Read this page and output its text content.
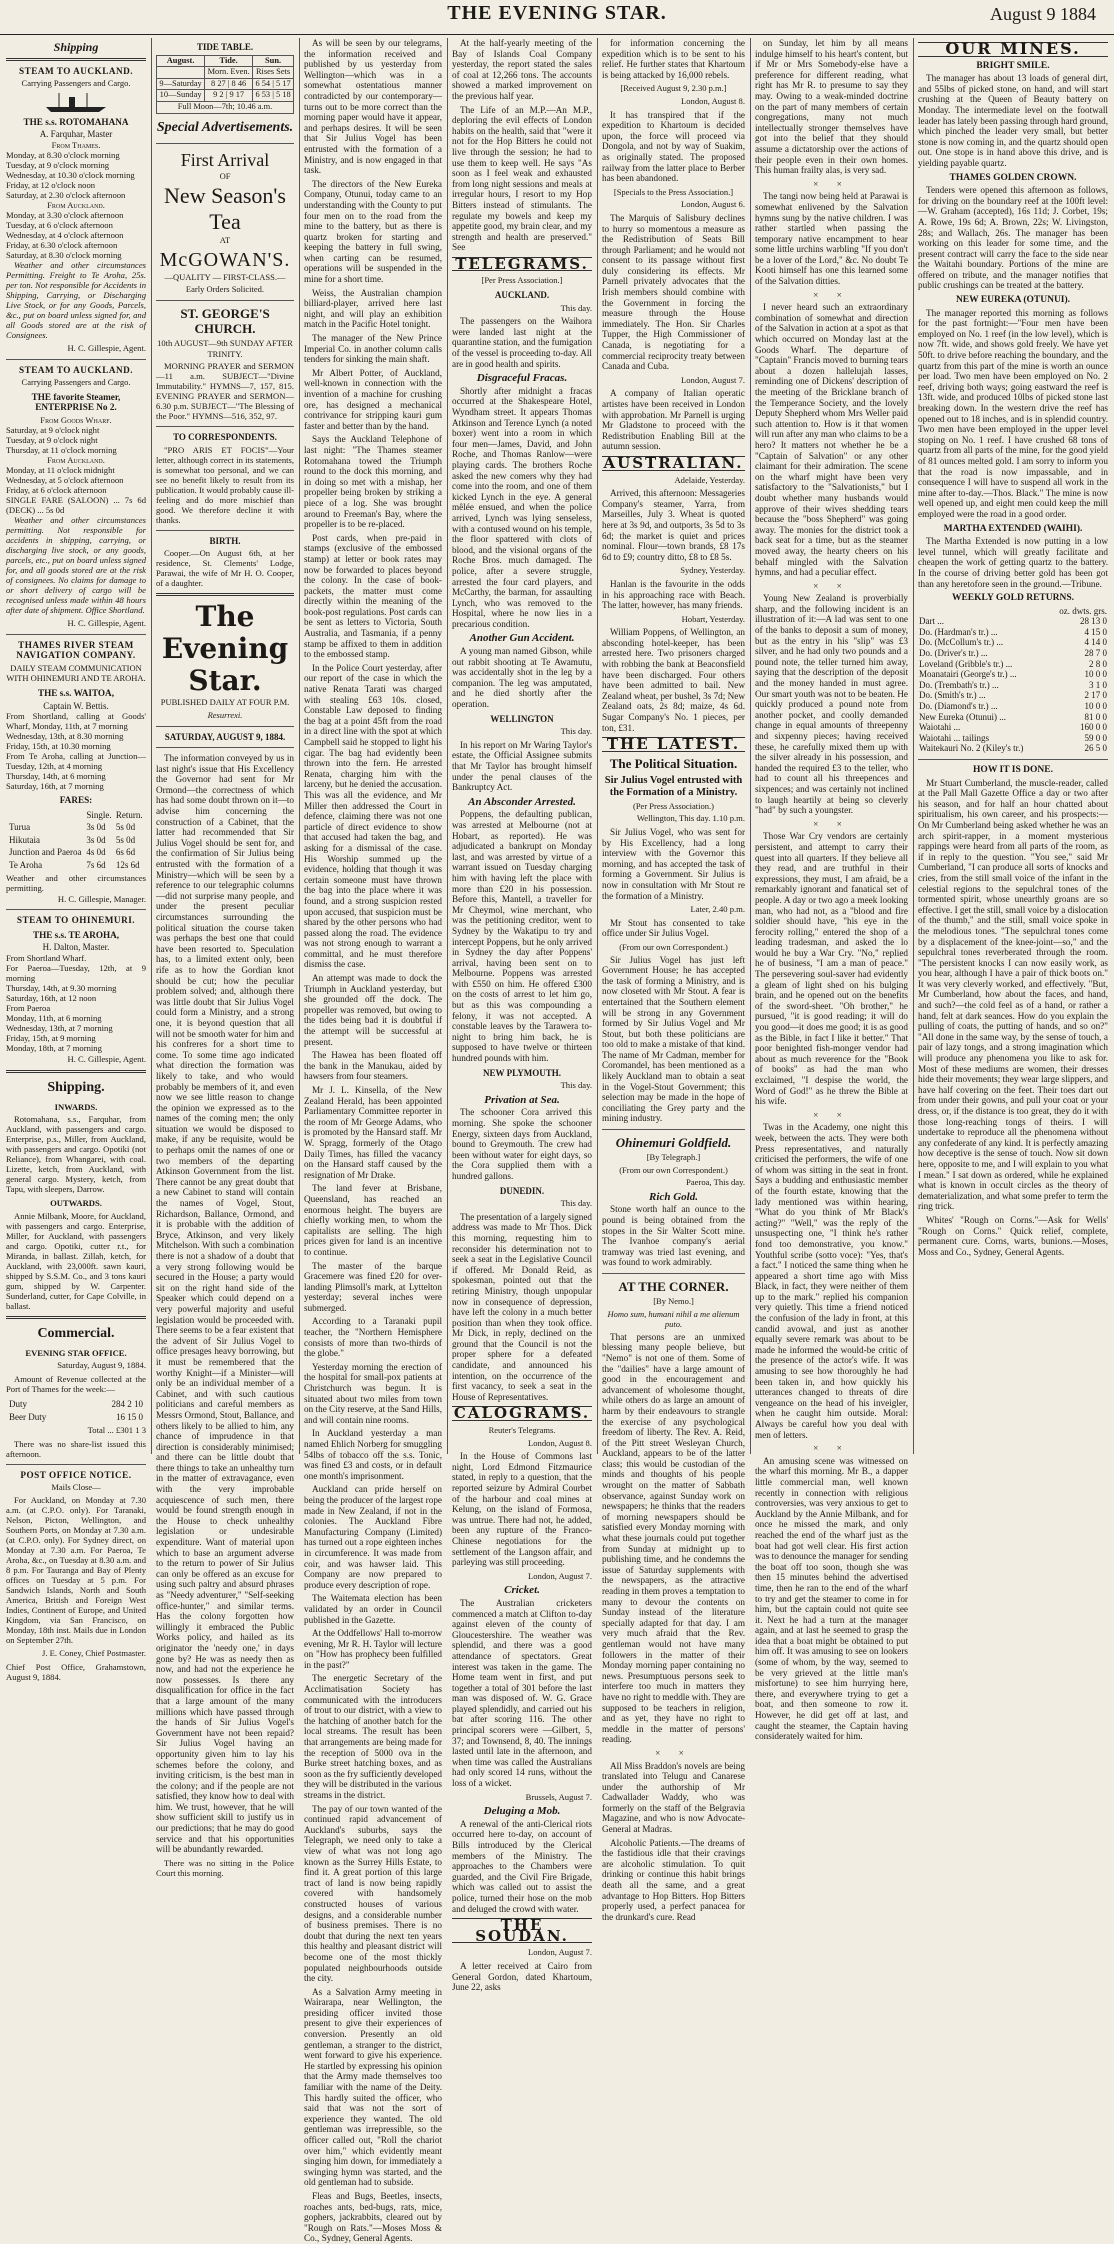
THE EVENING STAR.	August 9 1884
Shipping
STEAM TO AUCKLAND.
Carrying Passengers and Cargo.
THE s.s. ROTOMAHANA
A. Farquhar, Master
From Thames.
Monday, at 8.30 o'clock morning
Tuesday, at 9 o'clock morning
Wednesday, at 10.30 o'clock morning
Friday, at 12 o'clock noon
Saturday, at 2.30 o'clock afternoon
From Auckland.
Monday, at 3.30 o'clock afternoon
Tuesday, at 6 o'clock afternoon
Wednesday, at 4 o'clock afternoon
Friday, at 6.30 o'clock afternoon
Saturday, at 8.30 o'clock morning

Weather and other circumstances Permitting. Freight to Te Aroha, 25s. per ton. Not responsible for Accidents in Shipping, Carrying, or Discharging Live Stock, or for any Goods, Parcels, &c., put on board unless signed for, and all Goods stored are at the risk of Consignees.

H. C. Gillespie, Agent.
STEAM TO AUCKLAND.
Carrying Passengers and Cargo.
THE favorite Steamer, ENTERPRISE No 2.
From Goods Wharf.
Saturday, at 9 o'clock night
Tuesday, at 9 o'clock night
Thursday, at 11 o'clock morning
From Auckland.
Monday, at 11 o'clock midnight
Wednesday, at 5 o'clock afternoon
Friday, at 6 o'clock afternoon
SINGLE FARE (SALOON) ... 7s 6d (DECK) ... 5s 0d

Weather and other circumstances permitting. Not responsible for accidents in shipping, carrying, or discharging live stock, or any goods, parcels, etc., put on board unless signed for, and all goods stored are at the risk of consignees. No claims for damage to or short delivery of cargo will be recognised unless made within 48 hours after date of shipment. Office Shortland.

H. C. Gillespie, Agent.
THAMES RIVER STEAM NAVIGATION COMPANY.
DAILY STEAM COMMUNICATION WITH OHINEMURI AND TE AROHA.
THE s.s. WAITOA,
Captain W. Bettis.
From Shortland, calling at Goods' Wharf, Monday, 11th, at 7 morning
Wednesday, 13th, at 8.30 morning
Friday, 15th, at 10.30 morning
From Te Aroha, calling at Junction—Tuesday, 12th, at 4 morning
Thursday, 14th, at 6 morning
Saturday, 16th, at 7 morning
FARES:
	Single.	Return.
Turua	3s 0d	5s 0d
Hikutaia	3s 0d	5s 0d
Junction and Paeroa	4s 0d	6s 6d
Te Aroha	7s 6d	12s 6d
Weather and other circumstances permitting.
H. C. Gillespie, Manager.
STEAM TO OHINEMURI.
THE s.s. TE AROHA,
H. Dalton, Master.
From Shortland Wharf.
For Paeroa—Tuesday, 12th, at 9 morning
Thursday, 14th, at 9.30 morning
Saturday, 16th, at 12 noon
From Paeroa
Monday, 11th, at 6 morning
Wednesday, 13th, at 7 morning
Friday, 15th, at 9 morning
Monday, 18th, at 7 morning
H. C. Gillespie, Agent.
Shipping.
INWARDS.

Rotomahana, s.s., Farquhar, from Auckland, with passengers and cargo. Enterprise, p.s., Miller, from Auckland, with passengers and cargo. Opotiki (not Reliance), from Whangarei, with coal. Lizette, ketch, from Auckland, with general cargo. Mystery, ketch, from Tapu, with sleepers, Darrow.

OUTWARDS.

Annie Milbank, Moore, for Auckland, with passengers and cargo. Enterprise, Miller, for Auckland, with passengers and cargo. Opotiki, cutter r.t., for Miranda, in ballast. Zillah, ketch, for Auckland, with 23,000ft. sawn kauri, shipped by S.S.M. Co., and 3 tons kauri gum, shipped by W. Carpenter. Sunderland, cutter, for Cape Colville, in ballast.

Commercial.
EVENING STAR OFFICE.
Saturday, August 9, 1884.

Amount of Revenue collected at the Port of Thames for the week:—

Duty	284 2 10
Beer Duty	16 15 0
Total ... £301 1 3

There was no share-list issued this afternoon.

POST OFFICE NOTICE.
Mails Close—

For Auckland, on Monday at 7.30 a.m. (at C.P.O. only). For Taranaki, Nelson, Picton, Wellington, and Southern Ports, on Monday at 7.30 a.m. (at C.P.O. only). For Sydney direct, on Monday at 7.30 a.m. For Paeroa, Te Aroha, &c., on Tuesday at 8.30 a.m. and 8 p.m. For Tauranga and Bay of Plenty offices on Tuesday at 5 p.m. For Sandwich Islands, North and South America, British and Foreign West Indies, Continent of Europe, and United Kingdom, via San Francisco, on Monday, 18th inst. Mails due in London on September 27th.

J. E. Coney, Chief Postmaster.
Chief Post Office, Grahamstown, August 9, 1884.
TIDE TABLE.
August.	Tide.	Sun.
	Morn. Even.	Rises Sets
9—Saturday	8 27 | 8 46	6 54 | 5 17
10—Sunday	9 2 | 9 17	6 53 | 5 18
Full Moon—7th; 10.46 a.m.		
Special Advertisements.
First Arrival
OF
New Season's Tea
AT
McGOWAN'S.
—QUALITY — FIRST-CLASS.—
Early Orders Solicited.
ST. GEORGE'S CHURCH.
10th AUGUST—9th SUNDAY AFTER TRINITY.

MORNING PRAYER and SERMON—11 a.m. SUBJECT—"Divine Immutability." HYMNS—7, 157, 815. EVENING PRAYER and SERMON—6.30 p.m. SUBJECT—"The Blessing of the Poor." HYMNS—516, 352, 97.

TO CORRESPONDENTS.

"PRO ARIS ET FOCIS"—Your letter, although correct in its statements, is somewhat too personal, and we can see no benefit likely to result from its publication. It would probably cause ill-feeling and do more mischief than good. We therefore decline it with thanks.

BIRTH.

Cooper.—On August 6th, at her residence, St. Clements' Lodge, Parawai, the wife of Mr H. O. Cooper, of a daughter.

The Evening Star.
PUBLISHED DAILY AT FOUR P.M.
Resurrexi.
SATURDAY, AUGUST 9, 1884.

The information conveyed by us in last night's issue that His Excellency the Governor had sent for Mr Ormond—the correctness of which has had some doubt thrown on it—to advise him concerning the construction of a Cabinet, that the latter had recommended that Sir Julius Vogel should be sent for, and the confirmation of Sir Julius being entrusted with the formation of a Ministry—which will be seen by a reference to our telegraphic columns—did not surprise many people, and under the present peculiar circumstances surrounding the political situation the course taken was perhaps the best one that could have been resorted to. Speculation has, to a limited extent only, been rife as to how the Gordian knot should be cut; how the peculiar problem solved; and, although there was little doubt that Sir Julius Vogel could form a Ministry, and a strong one, it is beyond question that all will not be smooth water for him and his confreres for a short time to come. To some time ago indicated what direction the formation was likely to take, and who would probably be members of it, and even now we see little reason to change the opinion we expressed as to the names of the coming men; the only situation we would be disposed to make, if any be requisite, would be to perhaps omit the names of one or two members of the departing Atkinson Government from the list. There cannot be any great doubt that a new Cabinet to stand will contain the names of Vogel, Stout, Richardson, Ballance, Ormond, and it is probable with the addition of Bryce, Atkinson, and very likely Mitchelson. With such a combination there is not a shadow of a doubt that a very strong following would be secured in the House; a party would sit on the right hand side of the Speaker which could depend on a very powerful majority and useful legislation would be proceeded with. There seems to be a fear existent that the advent of Sir Julius Vogel to office presages heavy borrowing, but it must be remembered that the worthy Knight—if a Minister—will only be an individual member of a Cabinet, and with such cautious politicians and careful members as Messrs Ormond, Stout, Ballance, and others likely to be allied to him, any chance of imprudence in that direction is considerably minimised; and there can be little doubt that there things to take an unhealthy turn in the matter of extravagance, even with the very improbable acquiescence of such men, there would be found strength enough in the House to check unhealthy legislation or undesirable expenditure. Want of material upon which to base an argument adverse to the return to power of Sir Julius can only be offered as an excuse for using such paltry and absurd phrases as "Needy adventurer," "Self-seeking office-hunter," and similar terms. Has the colony forgotten how willingly it embraced the Public Works policy, and hailed as its originator the 'needy one,' in days gone by? He was as needy then as now, and had not the experience he now possesses. Is there any disqualification for office in the fact that a large amount of the many millions which have passed through the hands of Sir Julius Vogel's Government have not been repaid? Sir Julius Vogel having an opportunity given him to lay his schemes before the colony, and inviting criticism, is the best man in the colony; and if the people are not satisfied, they know how to deal with him. We trust, however, that he will show sufficient skill to justify us in our predictions; that he may do good service and that his opportunities will be abundantly rewarded.

There was no sitting in the Police Court this morning.

As will be seen by our telegrams, the information received and published by us yesterday from Wellington—which was in a somewhat ostentatious manner contradicted by our contemporary—turns out to be more correct than the morning paper would have it appear, and perhaps desires. It will be seen that Sir Julius Vogel has been entrusted with the formation of a Ministry, and is now engaged in that task.

The directors of the New Eureka Company, Otunui, today came to an understanding with the County to put four men on to the road from the mine to the battery, but as there is quartz broken for starting and keeping the battery in full swing, when carting can be resumed, operations will be suspended in the mine for a short time.

Weiss, the Australian champion billiard-player, arrived here last night, and will play an exhibition match in the Pacific Hotel tonight.

The manager of the New Prince Imperial Co. in another column calls tenders for sinking the main shaft.

Mr Albert Potter, of Auckland, well-known in connection with the invention of a machine for crushing ore, has designed a mechanical contrivance for stripping kauri gum faster and better than by the hand.

Says the Auckland Telephone of last night: "The Thames steamer Rotomahana towed the Triumph round to the dock this morning, and in doing so met with a mishap, her propeller being broken by striking a piece of a log. She was brought around to Freeman's Bay, where the propeller is to be re-placed.

Post cards, when pre-paid in stamps (exclusive of the embossed stamp) at letter or book rates may now be forwarded to places beyond the colony. In the case of book-packets, the matter must come directly within the meaning of the book-post regulations. Post cards can be sent as letters to Victoria, South Australia, and Tasmania, if a penny stamp be affixed to them in addition to the embossed stamp.

In the Police Court yesterday, after our report of the case in which the native Renata Tarati was charged with stealing £63 10s. closed, Constable Law deposed to finding the bag at a point 45ft from the road in a direct line with the spot at which Campbell said he stopped to light his cigar. The bag had evidently been thrown into the fern. He arrested Renata, charging him with the larceny, but he denied the accusation. This was all the evidence, and Mr Miller then addressed the Court in defence, claiming there was not one particle of direct evidence to show that accused had taken the bag, and asking for a dismissal of the case. His Worship summed up the evidence, holding that though it was certain someone must have thrown the bag into the place where it was found, and a strong suspicion rested upon accused, that suspicion must be shared by the other persons who had passed along the road. The evidence was not strong enough to warrant a committal, and he must therefore dismiss the case.

An attempt was made to dock the Triumph in Auckland yesterday, but she grounded off the dock. The propeller was removed, but owing to the tides being bad it is doubtful if the attempt will be successful at present.

The Hawea has been floated off the bank in the Manukau, aided by hawsers from four steamers.

Mr J. L. Kinsella, of the New Zealand Herald, has been appointed Parliamentary Committee reporter in the room of Mr George Adams, who is promoted by the Hansard staff. Mr W. Spragg, formerly of the Otago Daily Times, has filled the vacancy on the Hansard staff caused by the resignation of Mr Drake.

The land fever at Brisbane, Queensland, has reached an enormous height. The buyers are chiefly working men, to whom the capitalists are selling. The high prices given for land is an incentive to continue.

The master of the barque Gracemere was fined £20 for over-landing Plimsoll's mark, at Lyttelton yesterday; several inches were submerged.

According to a Taranaki pupil teacher, the "Northern Hemisphere consists of more than two-thirds of the globe."

Yesterday morning the erection of the hospital for small-pox patients at Christchurch was begun. It is situated about two miles from town on the City reserve, at the Sand Hills, and will contain nine rooms.

In Auckland yesterday a man named Ehlich Norberg for smuggling 54lbs of tobacco off the s.s. Tonic, was fined £3 and costs, or in default one month's imprisonment.

Auckland can pride herself on being the producer of the largest rope made in New Zealand, if not in the colonies. The Auckland Fibre Manufacturing Company (Limited) has turned out a rope eighteen inches in circumference. It was made from coir, and was hawser laid. This Company are now prepared to produce every description of rope.

The Waitemata election has been validated by an order in Council published in the Gazette.

At the Oddfellows' Hall to-morrow evening, Mr R. H. Taylor will lecture on "How has prophecy been fulfilled in the past?"

The energetic Secretary of the Acclimatisation Society has communicated with the introducers of trout to our district, with a view to the hatching of another batch for the local streams. The result has been that arrangements are being made for the reception of 5000 ova in the Burke street hatching boxes, and as soon as the fry sufficiently developed they will be distributed in the various streams in the district.

The pay of our town wanted of the continued rapid advancement of Auckland's suburbs, says the Telegraph, we need only to take a view of what was not long ago known as the Surrey Hills Estate, to find it. A great portion of this large tract of land is now being rapidly covered with handsomely constructed houses of various designs, and a considerable number of business premises. There is no doubt that during the next ten years this healthy and pleasant district will become one of the most thickly populated neighbourhoods outside the city.

As a Salvation Army meeting in Wairarapa, near Wellington, the presiding officer invited those present to give their experiences of conversion. Presently an old gentleman, a stranger to the district, went forward to give his experience. He startled by expressing his opinion that the Army made themselves too familiar with the name of the Deity. This hardly suited the officer, who said that was not the sort of experience they wanted. The old gentleman was irrepressible, so the officer called out, "Roll the chariot over him," which evidently meant singing him down, for immediately a swinging hymn was started, and the old gentleman had to subside.

Fleas and Bugs, Beetles, insects, roaches ants, bed-bugs, rats, mice, gophers, jackrabbits, cleared out by "Rough on Rats."—Moses Moss & Co., Sydney, General Agents.

At the half-yearly meeting of the Bay of Islands Coal Company yesterday, the report stated the sales of coal at 12,266 tons. The accounts showed a marked improvement on the previous half year.

The Life of an M.P.—An M.P., deploring the evil effects of London habits on the health, said that "were it not for the Hop Bitters he could not live through the session; he had to use them to keep well. He says "As soon as I feel weak and exhausted from long night sessions and meals at irregular hours, I resort to my Hop Bitters instead of stimulants. The regulate my bowels and keep my appetite good, my brain clear, and my strength and health are preserved." See

TELEGRAMS.
[Per Press Association.]
AUCKLAND.
This day.

The passengers on the Waihora were landed last night at the quarantine station, and the fumigation of the vessel is proceeding to-day. All are in good health and spirits.

Disgraceful Fracas.

Shortly after midnight a fracas occurred at the Shakespeare Hotel, Wyndham street. It appears Thomas Atkinson and Terence Lynch (a noted boxer) went into a room in which four men—James, David, and John Roche, and Thomas Ranlow—were playing cards. The brothers Roche asked the new comers why they had come into the room, and one of them kicked Lynch in the eye. A general mêlée ensued, and when the police arrived, Lynch was lying senseless, with a contused wound on his temple, the floor spattered with clots of blood, and the visional organs of the Roche Bros. much damaged. The police, after a severe struggle, arrested the four card players, and McCarthy, the barman, for assaulting Lynch, who was removed to the Hospital, where he now lies in a precarious condition.

Another Gun Accident.

A young man named Gibson, while out rabbit shooting at Te Awamutu, was accidentally shot in the leg by a companion. The leg was amputated, and he died shortly after the operation.

WELLINGTON
This day.

In his report on Mr Waring Taylor's estate, the Official Assignee submits that Mr Taylor has brought himself under the penal clauses of the Bankruptcy Act.

An Absconder Arrested.

Poppens, the defaulting publican, was arrested at Melbourne (not at Hobart, as reported). He was adjudicated a bankrupt on Monday last, and was arrested by virtue of a warrant issued on Tuesday charging him with having left the place with more than £20 in his possession. Before this, Mantell, a traveller for Mr Cheymol, wine merchant, who was the petitioning creditor, went to Sydney by the Wakatipu to try and intercept Poppens, but he only arrived in Sydney the day after Poppens' arrival, having been sent on to Melbourne. Poppens was arrested with £550 on him. He offered £300 on the costs of arrest to let him go, but as this was compounding a felony, it was not accepted. A constable leaves by the Tarawera to-night to bring him back, he is supposed to have twelve or thirteen hundred pounds with him.

NEW PLYMOUTH.
This day.
Privation at Sea.

The schooner Cora arrived this morning. She spoke the schooner Energy, sixteen days from Auckland, bound to Greymouth. The crew had been without water for eight days, so the Cora supplied them with a hundred gallons.

DUNEDIN.
This day.

The presentation of a largely signed address was made to Mr Thos. Dick this morning, requesting him to reconsider his determination not to seek a seat in the Legislative Council if offered. Mr Donald Reid, as spokesman, pointed out that the retiring Ministry, though unpopular now in consequence of depression, have left the colony in a much better position than when they took office. Mr Dick, in reply, declined on the ground that the Council is not the proper sphere for a defeated candidate, and announced his intention, on the occurrence of the first vacancy, to seek a seat in the House of Representatives.

CALOGRAMS.
Reuter's Telegrams.
London, August 8.

In the House of Commons last night, Lord Edmond Fitzmaurice stated, in reply to a question, that the reported seizure by Admiral Courbet of the harbour and coal mines at Kelung, on the island of Formosa, was untrue. There had not, he added, been any rupture of the Franco-Chinese negotiations for the settlement of the Langson affair, and parleying was still proceeding.

London, August 7.
Cricket.

The Australian cricketers commenced a match at Clifton to-day against eleven of the county of Gloucestershire. The weather was splendid, and there was a good attendance of spectators. Great interest was taken in the game. The Home team went in first, and put together a total of 301 before the last man was disposed of. W. G. Grace played splendidly, and carried out his bat after scoring 116. The other principal scorers were —Gilbert, 5, 37; and Townsend, 8, 40. The innings lasted until late in the afternoon, and when time was called the Australians had only scored 14 runs, without the loss of a wicket.

Brussels, August 7.
Deluging a Mob.

A renewal of the anti-Clerical riots occurred here to-day, on account of Bills introduced by the Clerical members of the Ministry. The approaches to the Chambers were guarded, and the Civil Fire Brigade, which was called out to assist the police, turned their hose on the mob and deluged the crowd with water.

THE SOUDAN.
London, August 7.

A letter received at Cairo from General Gordon, dated Khartoum, June 22, asks

for information concerning the expedition which is to be sent to his relief. He further states that Khartoum is being attacked by 16,000 rebels.

[Received August 9, 2.30 p.m.]
London, August 8.

It has transpired that if the expedition to Khartoum is decided upon, the force will proceed via Dongola, and not by way of Suakim, as originally stated. The proposed railway from the latter place to Berber has been abandoned.

[Specials to the Press Association.]
London, August 6.

The Marquis of Salisbury declines to hurry so momentous a measure as the Redistribution of Seats Bill through Parliament; and he would not consent to its passage without first duly considering its effects. Mr Parnell privately advocates that the Irish members should combine with the Government in forcing the measure through the House immediately. The Hon. Sir Charles Tupper, the High Commissioner of Canada, is negotiating for a commercial reciprocity treaty between Canada and Cuba.

London, August 7.

A company of Italian operatic artistes have been received in London with approbation. Mr Parnell is urging Mr Gladstone to proceed with the Redistribution Enabling Bill at the autumn session.

AUSTRALIAN.
Adelaide, Yesterday.

Arrived, this afternoon: Messageries Company's steamer, Yarra, from Marseilles, July 3. Wheat is quoted here at 3s 9d, and outports, 3s 5d to 3s 6d; the market is quiet and prices nominal. Flour—town brands, £8 17s 6d to £9; country ditto, £8 to £8 5s.

Sydney, Yesterday.

Hanlan is the favourite in the odds in his approaching race with Beach. The latter, however, has many friends.

Hobart, Yesterday.

William Poppens, of Wellington, an absconding hotel-keeper, has been arrested here. Two prisoners charged with robbing the bank at Beaconsfield have been discharged. Four others have been admitted to bail. New Zealand wheat, per bushel, 3s 7d; New Zealand oats, 2s 8d; maize, 4s 6d. Sugar Company's No. 1 pieces, per ton, £31.

THE LATEST.
The Political Situation.
Sir Julius Vogel entrusted with the Formation of a Ministry.
(Per Press Association.)
Wellington, This day. 1.10 p.m.

Sir Julius Vogel, who was sent for by His Excellency, had a long interview with the Governor this morning, and has accepted the task of forming a Government. Sir Julius is now in consultation with Mr Stout re the formation of a Ministry.

Later, 2.40 p.m.

Mr Stout has consented to take office under Sir Julius Vogel.

(From our own Correspondent.)

Sir Julius Vogel has just left Government House; he has accepted the task of forming a Ministry, and is now closeted with Mr Stout. A fear is entertained that the Southern element will be strong in any Government formed by Sir Julius Vogel and Mr Stout, but both these politicians are too old to make a mistake of that kind. The name of Mr Cadman, member for Coromandel, has been mentioned as a likely Auckland man to obtain a seat in the Vogel-Stout Government; this selection may be made in the hope of conciliating the Grey party and the mining industry.

Ohinemuri Goldfield.
[By Telegraph.]
(From our own Correspondent.)
Paeroa, This day.
Rich Gold.

Stone worth half an ounce to the pound is being obtained from the stopes in the Sir Walter Scott mine. The Ivanhoe company's aerial tramway was tried last evening, and was found to work admirably.

AT THE CORNER.
[By Nemo.]
Homo sum, humani nihil a me alienum puto.

That persons are an unmixed blessing many people believe, but "Nemo" is not one of them. Some of the "dailies" have a large amount of good in the encouragement and advancement of wholesome thought, while others do as large an amount of harm by their endeavours to strangle the exercise of any psychological freedom of liberty. The Rev. A. Reid, of the Pitt street Wesleyan Church, Auckland, appears to be of the latter class; this would be custodian of the minds and thoughts of his people wrought on the matter of Sabbath observance, against Sunday work on newspapers; he thinks that the readers of morning newspapers should be satisfied every Monday morning with what these journals could put together from Sunday at midnight up to publishing time, and he condemns the issue of Saturday supplements with the newspapers, as the attractive reading in them proves a temptation to many to devour the contents on Sunday instead of the literature specially adapted for that day. I am very much afraid that the Rev. gentleman would not have many followers in the matter of their Monday morning paper containing no news. Presumptuous persons seek to interfere too much in matters they have no right to meddle with. They are supposed to be teachers in religion, and as yet, they have no right to meddle in the matter of persons' reading.

× ×

All Miss Braddon's novels are being translated into Telugu and Canarese under the authorship of Mr Cadwallader Waddy, who was formerly on the staff of the Belgravia Magazine, and who is now Advocate-General at Madras.

Alcoholic Patients.—The dreams of the fastidious idle that their cravings are alcoholic stimulation. To quit drinking or continue this habit brings death all the same, and a great advantage to Hop Bitters. Hop Bitters properly used, a perfect panacea for the drunkard's cure. Read

on Sunday, let him by all means indulge himself to his heart's content, but if Mr or Mrs Somebody-else have a preference for different reading, what right has Mr R. to presume to say they may. Owing to a weak-minded doctrine on the part of many members of certain congregations, many not much intellectually stronger themselves have got into the belief that they should assume a dictatorship over the actions of their people even in their own homes. This human frailty alas, is very sad.

× ×

The tangi now being held at Parawai is somewhat enlivened by the Salvation hymns sung by the native children. I was rather startled when passing the temporary native encampment to hear some little urchins warbling "If you don't be a lover of the Lord," &c. No doubt Te Kooti himself has one this learned some of the Salvation ditties.

× ×

I never heard such an extraordinary combination of somewhat and direction of the Salvation in action at a spot as that which occurred on Monday last at the Goods Wharf. The departure of "Captain" Francis moved to burning tears about a dozen hallelujah lasses, reminding one of Dickens' description of the meeting of the Bricklane branch of the Temperance Society, and the lovely Deputy Shepherd whom Mrs Weller paid such attention to. How is it that women will run after any man who claims to be a hero? It matters not whether he be a "Captain of Salvation" or any other claimant for their admiration. The scene on the wharf might have been very satisfactory to the "Salvationists," but I doubt whether many husbands would approve of their wives shedding tears because the "boss Shepherd" was going away. The monies for the district took a back seat for a time, but as the steamer moved away, the hearty cheers on his behalf mingled with the Salvation hymns, and had a peculiar effect.

× ×

Young New Zealand is proverbially sharp, and the following incident is an illustration of it:—A lad was sent to one of the banks to deposit a sum of money, but as the entry in his "slip" was £3 silver, and he had only two pounds and a pound note, the teller turned him away, saying that the description of the deposit and the money handed in must agree. Our smart youth was not to be beaten. He quickly produced a pound note from another pocket, and coolly demanded change in equal amounts of threepenny and sixpenny pieces; having received these, he carefully mixed them up with the silver already in his possession, and handed the required £3 to the teller, who had to count all his threepences and sixpences; and was certainly not inclined to laugh heartily at being so cleverly "had" by such a youngster.

× ×

Those War Cry vendors are certainly persistent, and attempt to carry their quest into all quarters. If they believe all they read, and are truthful in their expressions, they must, I am afraid, be a remarkably ignorant and fanatical set of people. A day or two ago a meek looking man, who had not, as a "blood and fire soldier should have, "his eye in the ferocity rolling," entered the shop of a leading tradesman, and asked the lo would he buy a War Cry. "No," replied he of business, "I am a man of peace." The persevering soul-saver had evidently a gleam of light shed on his bulging brain, and he opened out on the benefits of the sword-sheet. "Oh brother," he pursued, "it is good reading; it will do you good—it does me good; it is as good as the Bible, in fact I like it better." That poor benighted fish-monger vendor had about as much reverence for the "Book of books" as had the man who exclaimed, "I despise the world, the Word of God!" as he threw the Bible at his wife.

× ×

Twas in the Academy, one night this week, between the acts. They were both Press representatives, and naturally criticised the performers, the wife of one of whom was sitting in the seat in front. Says a budding and enthusiastic member of the fourth estate, knowing that the lady mentioned was within hearing, "What do you think of Mr Black's acting?" "Well," was the reply of the unsuspecting one, "I think he's rather fond too demonstrative, you know." Youthful scribe (sotto voce): "Yes, that's a fact." I noticed the same thing when he appeared a short time ago with Miss Black, in fact, they were neither of them up to the mark." replied his companion very quietly. This time a friend noticed the confusion of the lady in front, at this candid avowal, and just as another equally severe remark was about to be made he informed the would-be critic of the presence of the actor's wife. It was amusing to see how thoroughly he had been taken in, and how quickly his utterances changed to threats of dire vengeance on the head of his inveigler, when he caught him outside. Moral: Always be careful how you deal with men of letters.

× ×

An amusing scene was witnessed on the wharf this morning. Mr B., a dapper little commercial man, well known recently in connection with religious controversies, was very anxious to get to Auckland by the Annie Milbank, and for once he missed the mark, and only reached the end of the wharf just as the boat had got well clear. His first action was to denounce the manager for sending the boat off too soon, though she was then 15 minutes behind the advertised time, then he ran to the end of the wharf to try and get the steamer to come in for him, but the captain could not quite see it. Next he had a turn at the manager again, and at last he seemed to grasp the idea that a boat might be obtained to put him off. It was amusing to see on lookers (some of whom, by the way, seemed to be very grieved at the little man's misfortune) to see him hurrying here, there, and everywhere trying to get a boat, and then someone to row it. However, he did get off at last, and caught the steamer, the Captain having considerately waited for him.

OUR MINES.
BRIGHT SMILE.

The manager has about 13 loads of general dirt, and 55lbs of picked stone, on hand, and will start crushing at the Queen of Beauty battery on Monday. The intermediate level on the footwall leader has lately been passing through hard ground, which pinched the leader very small, but better stone is now coming in, and the quartz should open out. One stope is in hand above this drive, and is yielding payable quartz.

THAMES GOLDEN CROWN.

Tenders were opened this afternoon as follows, for driving on the boundary reef at the 100ft level:—W. Graham (accepted), 16s 11d; J. Corbet, 19s; A. Rowe, 19s 6d; A. Brown, 22s; W. Livingston, 28s; and Wallach, 26s. The manager has been working on this leader for some time, and the present contract will carry the face to the side near the Waitahi boundary. Portions of the mine are offered on tribute, and the manager notifies that public crushings can be treated at the battery.

NEW EUREKA (OTUNUI).

The manager reported this morning as follows for the past fortnight:—"Four men have been employed on No. 1 reef (in the low level), which is now 7ft. wide, and shows gold freely. We have yet 50ft. to drive before reaching the boundary, and the quartz from this part of the mine is worth an ounce per load. Two men have been employed on No. 2 reef, driving both ways; going eastward the reef is 13ft. wide, and produced 10lbs of picked stone last breaking down. In the western drive the reef has opened out to 18 inches, and is in splendid country. Two men have been employed in the upper level stoping on No. 1 reef. I have crushed 68 tons of quartz from all parts of the mine, for the good yield of 81 ounces melted gold. I am sorry to inform you that the road is now impassable, and in consequence I will have to suspend all work in the mine after to-day.—Thos. Black." The mine is now well opened up, and eight men could keep the mill employed were the road in a good order.

MARTHA EXTENDED (WAIHI).

The Martha Extended is now putting in a low level tunnel, which will greatly facilitate and cheapen the work of getting quartz to the battery. In the course of driving better gold has been got than any heretofore seen in the ground.—Tribune.

WEEKLY GOLD RETURNS.
	oz. dwts. grs.
Dart ...	28 13 0
Do. (Hardman's tr.) ...	4 15 0
Do. (McCollum's tr.) ...	4 14 0
Do. (Driver's tr.) ...	28 7 0
Loveland (Gribble's tr.) ...	2 8 0
Moanatairi (George's tr.) ...	10 0 0
Do. (Trembath's tr.) ...	3 1 0
Do. (Smith's tr.) ...	2 17 0
Do. (Diamond's tr.) ...	10 0 0
New Eureka (Otunui) ...	81 0 0
Waiotahi ...	160 0 0
Waiotahi ... tailings	59 0 0
Waitekauri No. 2 (Kiley's tr.)	26 5 0
HOW IT IS DONE.

Mr Stuart Cumberland, the muscle-reader, called at the Pall Mall Gazette Office a day or two after his season, and for half an hour chatted about spiritualism, his own career, and his prospects:—On Mr Cumberland being asked whether he was an arch spirit-rapper, in a moment mysterious rappings were heard from all parts of the room, as if in reply to the question. "You see," said Mr Cumberland, "I can produce all sorts of knocks and cries, from the still small voice of the infant in the celestial regions to the sepulchral tones of the tormented spirit, whose unearthly groans are so effective. I get the still, small voice by a dislocation of the thumb," and the still, small voice spoke in the melodious tones. "The sepulchral tones come by a displacement of the knee-joint—so," and the sepulchral tones reverberated through the room. "The persistent knocks I can now easily work, as you hear, although I have a pair of thick boots on." It was very cleverly worked, and effectively. "But, Mr Cumberland, how about the faces, and hand, and such?—the cold feel as of a hand, or rather a hand, felt at dark seances. How do you explain the pulling of coats, the putting of hands, and so on?" "All done in the same way, by the sense of touch, a pair of lazy tongs, and a strong imagination which will produce any phenomena you like to ask for. Most of these mediums are women, their dresses hide their movements; they wear large slippers, and have half covering on the feet. Their toes dart out from under their gowns, and pull your coat or your dress, or, if the distance is too great, they do it with those long-reaching tongs of theirs. I will undertake to reproduce all the phenomena without any confederate of any kind. It is perfectly amazing how deceptive is the sense of touch. Now sit down here, opposite to me, and I will explain to you what I mean." I sat down as ordered, while he explained what is known in occult circles as the theory of dematerialization, and what some prefer to term the ring trick.

Whites' "Rough on Corns."—Ask for Wells' "Rough on Corns." Quick relief, complete, permanent cure. Corns, warts, bunions.—Moses, Moss and Co., Sydney, General Agents.
